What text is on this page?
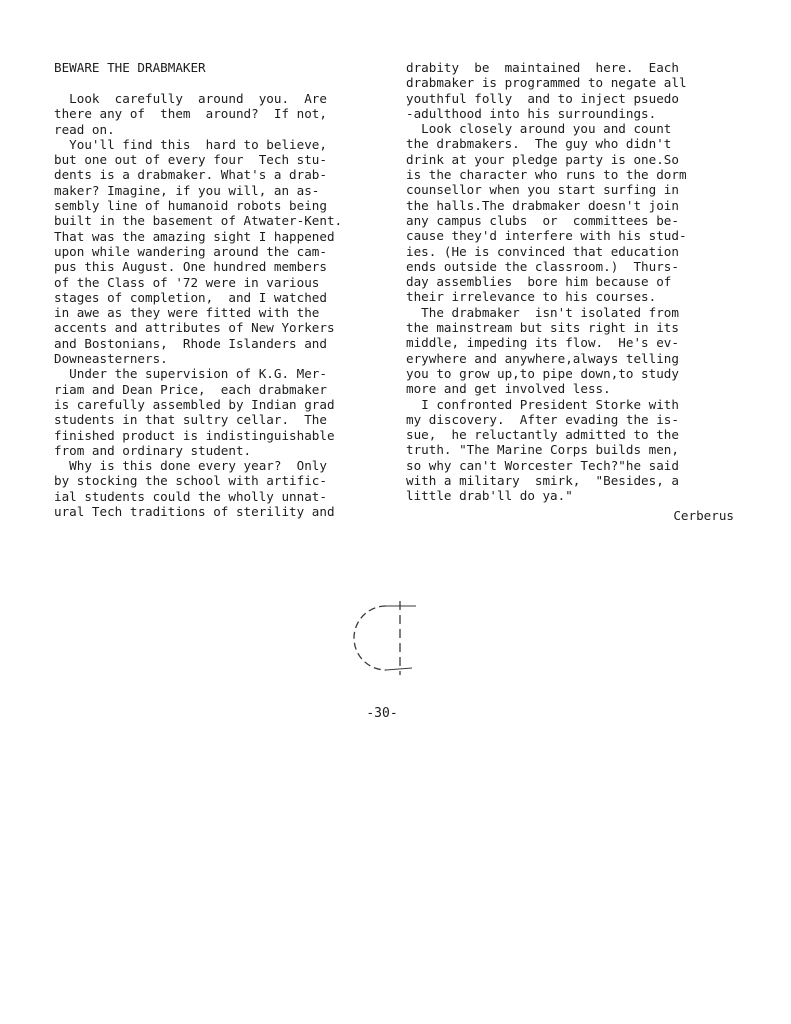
BEWARE THE DRABMAKER
Look  carefully  around  you.  Are
there any of  them  around?  If not,
read on.
You'll find this  hard to believe,
but one out of every four  Tech stu-
dents is a drabmaker. What's a drab-
maker? Imagine, if you will, an as-
sembly line of humanoid robots being
built in the basement of Atwater-Kent.
That was the amazing sight I happened
upon while wandering around the cam-
pus this August. One hundred members
of the Class of '72 were in various
stages of completion,  and I watched
in awe as they were fitted with the
accents and attributes of New Yorkers
and Bostonians,  Rhode Islanders and
Downeasterners.
Under the supervision of K.G. Mer-
riam and Dean Price,  each drabmaker
is carefully assembled by Indian grad
students in that sultry cellar.  The
finished product is indistinguishable
from and ordinary student.
Why is this done every year?  Only
by stocking the school with artific-
ial students could the wholly unnat-
ural Tech traditions of sterility and
drabity  be  maintained  here.  Each
drabmaker is programmed to negate all
youthful folly  and to inject psuedo
-adulthood into his surroundings.
Look closely around you and count
the drabmakers.  The guy who didn't
drink at your pledge party is one.So
is the character who runs to the dorm
counsellor when you start surfing in
the halls.The drabmaker doesn't join
any campus clubs  or  committees be-
cause they'd interfere with his stud-
ies. (He is convinced that education
ends outside the classroom.)  Thurs-
day assemblies  bore him because of
their irrelevance to his courses.
The drabmaker  isn't isolated from
the mainstream but sits right in its
middle, impeding its flow.  He's ev-
erywhere and anywhere,always telling
you to grow up,to pipe down,to study
more and get involved less.
I confronted President Storke with
my discovery.  After evading the is-
sue,  he reluctantly admitted to the
truth. "The Marine Corps builds men,
so why can't Worcester Tech?"he said
with a military  smirk,  "Besides, a
little drab'll do ya."
Cerberus
-30-
